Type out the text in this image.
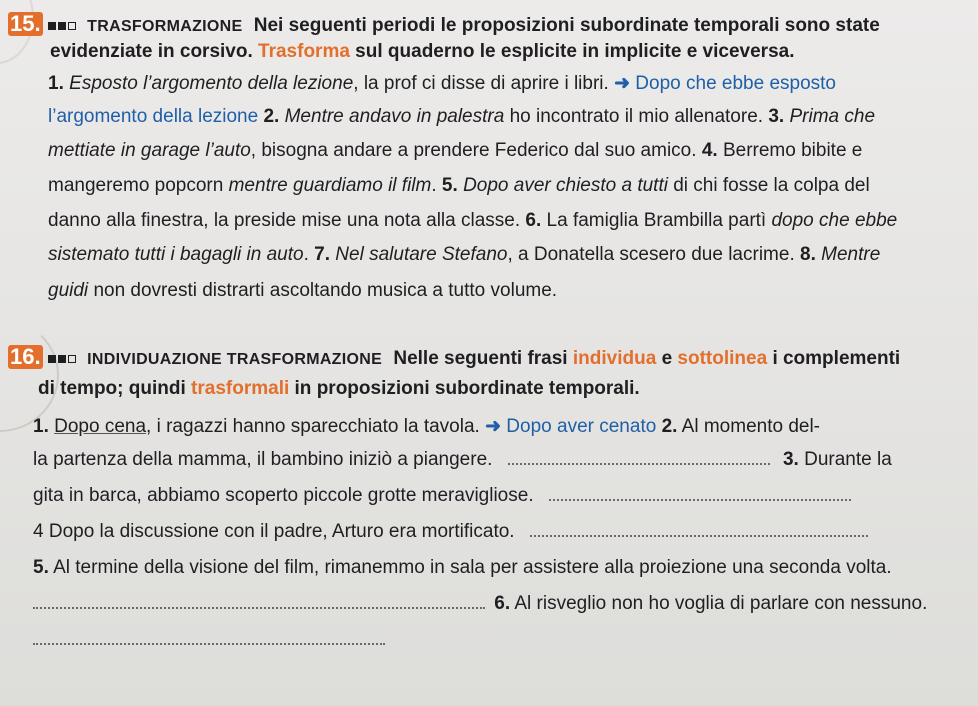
15.	TRASFORMAZIONE Nei seguenti periodi le proposizioni subordinate temporali sono state
evidenziate in corsivo. Trasforma sul quaderno le esplicite in implicite e viceversa.
1. Esposto l’argomento della lezione, la prof ci disse di aprire i libri. ➜ Dopo che ebbe esposto
l’argomento della lezione 2. Mentre andavo in palestra ho incontrato il mio allenatore. 3. Prima che
mettiate in garage l’auto, bisogna andare a prendere Federico dal suo amico. 4. Berremo bibite e
mangeremo popcorn mentre guardiamo il film. 5. Dopo aver chiesto a tutti di chi fosse la colpa del
danno alla finestra, la preside mise una nota alla classe. 6. La famiglia Brambilla partì dopo che ebbe
sistemato tutti i bagagli in auto. 7. Nel salutare Stefano, a Donatella scesero due lacrime. 8. Mentre
guidi non dovresti distrarti ascoltando musica a tutto volume.
16.	INDIVIDUAZIONE TRASFORMAZIONE Nelle seguenti frasi individua e sottolinea i complementi
di tempo; quindi trasformali in proposizioni subordinate temporali.
1. Dopo cena, i ragazzi hanno sparecchiato la tavola. ➜ Dopo aver cenato 2. Al momento del-
la partenza della mamma, il bambino iniziò a piangere.	3. Durante la
gita in barca, abbiamo scoperto piccole grotte meravigliose.
4 Dopo la discussione con il padre, Arturo era mortificato.
5. Al termine della visione del film, rimanemmo in sala per assistere alla proiezione una seconda volta.
6. Al risveglio non ho voglia di parlare con nessuno.
